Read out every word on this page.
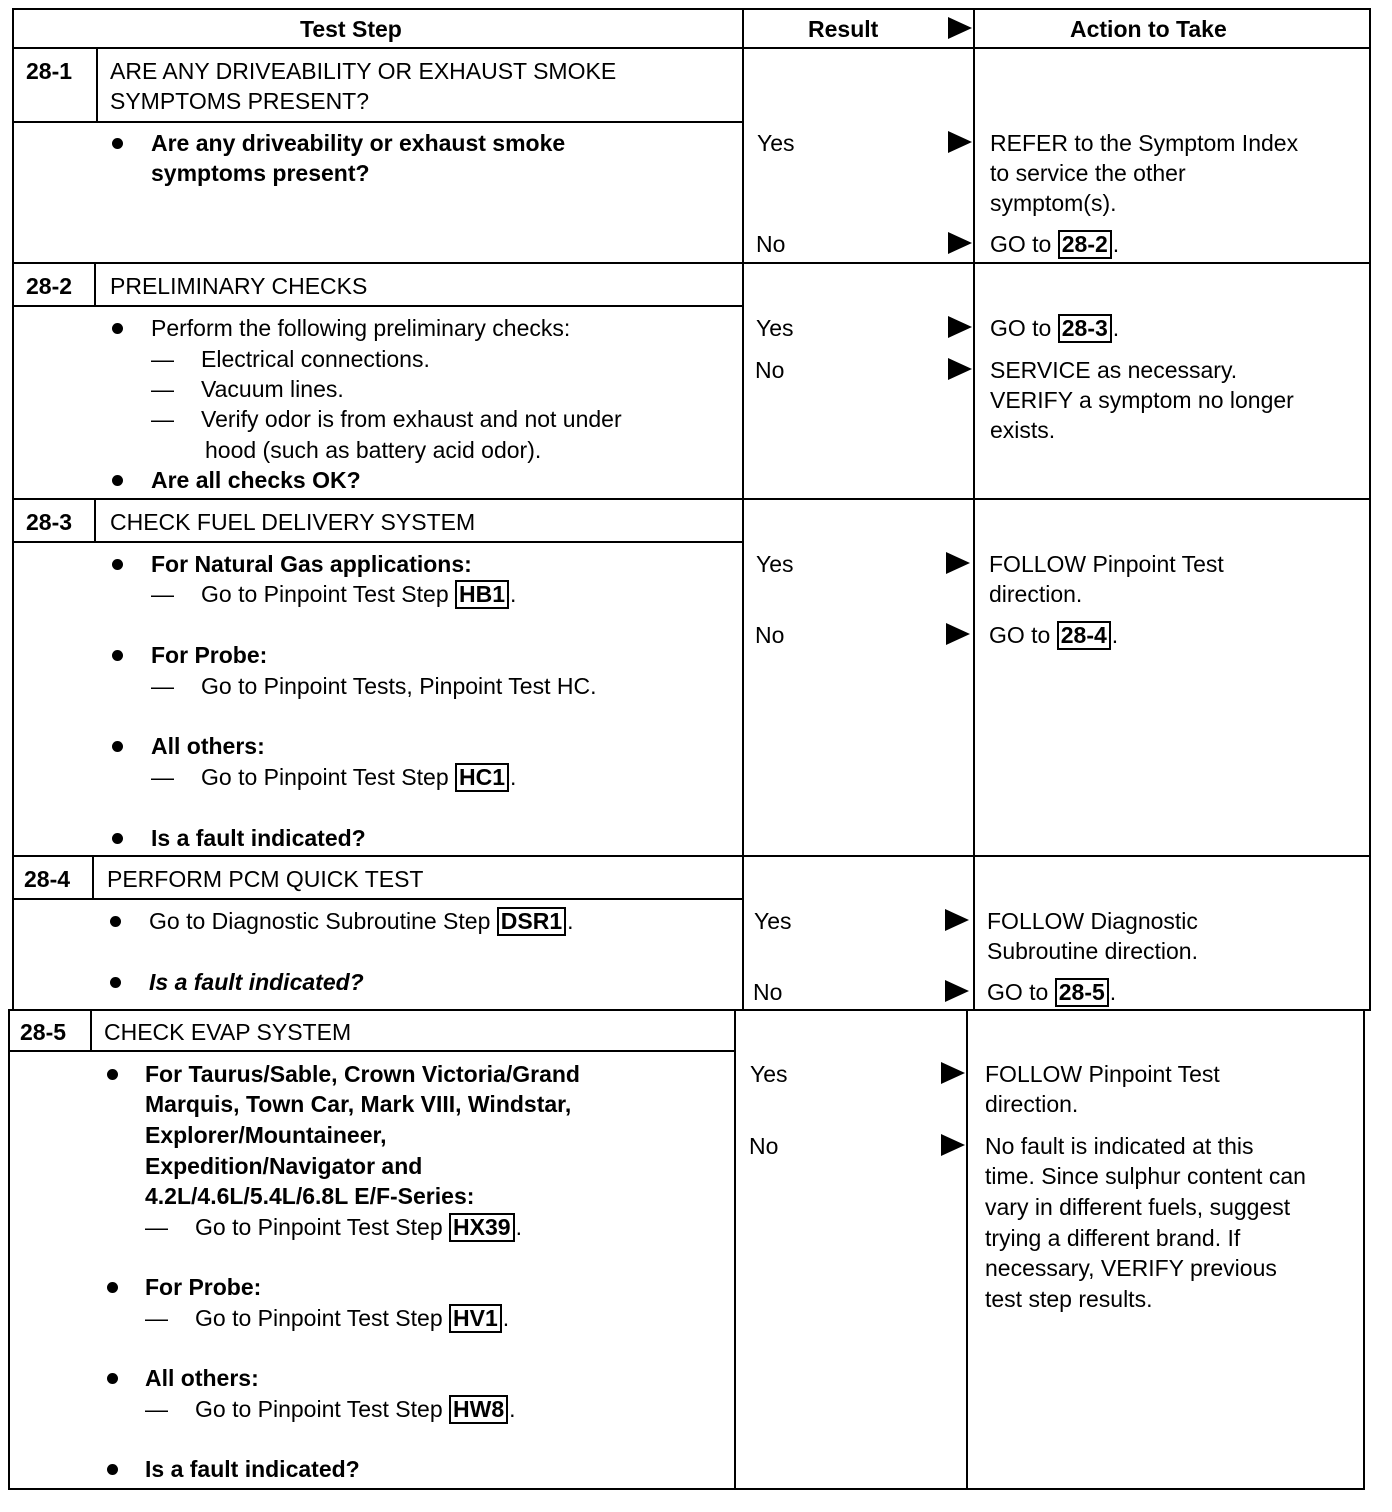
Test Step	Result	Action to Take
28-1 ARE ANY DRIVEABILITY OR EXHAUST SMOKE
SYMPTOMS PRESENT?
Are any driveability or exhaust smoke
symptoms present?
Yes	REFER to the Symptom Index
to service the other
symptom(s).
No	GO to 28-2 .
28-2 PRELIMINARY CHECKS
Perform the following preliminary checks:
— Electrical connections.
— Vacuum lines.
— Verify odor is from exhaust and not under
hood (such as battery acid odor).
Are all checks OK?
Yes	GO to 28-3 .
No	SERVICE as necessary.
VERIFY a symptom no longer
exists.
28-3 CHECK FUEL DELIVERY SYSTEM
For Natural Gas applications:
— Go to Pinpoint Test Step HB1 .
For Probe:
— Go to Pinpoint Tests, Pinpoint Test HC.
All others:
— Go to Pinpoint Test Step HC1 .
Is a fault indicated?
Yes	FOLLOW Pinpoint Test
direction.
No	GO to 28-4 .
28-4 PERFORM PCM QUICK TEST
Go to Diagnostic Subroutine Step DSR1 .
Is a fault indicated?
Yes	FOLLOW Diagnostic
Subroutine direction.
No	GO to 28-5 .
28-5 CHECK EVAP SYSTEM
For Taurus/Sable, Crown Victoria/Grand
Marquis, Town Car, Mark VIII, Windstar,
Explorer/Mountaineer,
Expedition/Navigator and
4.2L/4.6L/5.4L/6.8L E/F-Series:
— Go to Pinpoint Test Step HX39 .
For Probe:
— Go to Pinpoint Test Step HV1 .
All others:
— Go to Pinpoint Test Step HW8 .
Is a fault indicated?
Yes	FOLLOW Pinpoint Test
direction.
No	No fault is indicated at this
time. Since sulphur content can
vary in different fuels, suggest
trying a different brand. If
necessary, VERIFY previous
test step results.
